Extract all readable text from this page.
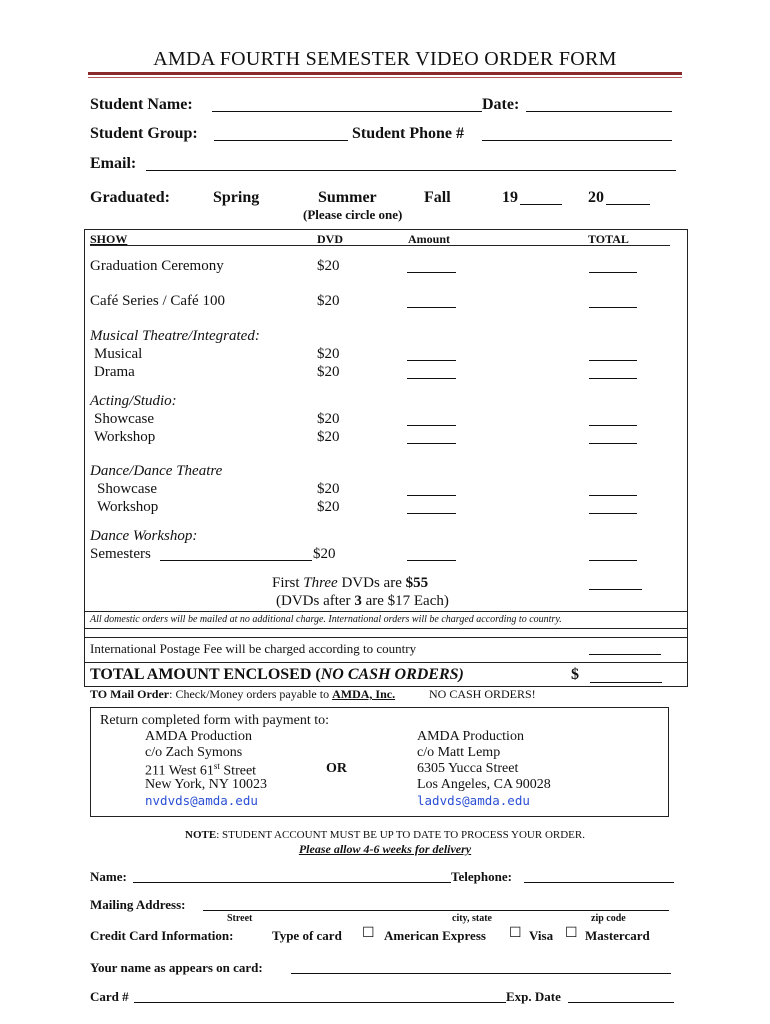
AMDA FOURTH SEMESTER VIDEO ORDER FORM
Student Name:	Date:
Student Group:	Student Phone #
Email:
Graduated:	Spring	Summer	Fall	19	20
(Please circle one)
SHOW	DVD	Amount	TOTAL
Graduation Ceremony	$20
Café Series / Café 100	$20
Musical Theatre/Integrated:
Musical	$20
Drama	$20
Acting/Studio:
Showcase	$20
Workshop	$20
Dance/Dance Theatre
Showcase	$20
Workshop	$20
Dance Workshop:
Semesters	$20
First Three DVDs are $55
(DVDs after 3 are $17 Each)
All domestic orders will be mailed at no additional charge. International orders will be charged according to country.
International Postage Fee will be charged according to country
TOTAL AMOUNT ENCLOSED (NO CASH ORDERS)	$
TO Mail Order: Check/Money orders payable to AMDA, Inc.	NO CASH ORDERS!
Return completed form with payment to:
AMDA Production
c/o Zach Symons
211 West 61st Street
New York, NY 10023
nvdvds@amda.edu
OR
AMDA Production
c/o Matt Lemp
6305 Yucca Street
Los Angeles, CA 90028
ladvds@amda.edu
NOTE: STUDENT ACCOUNT MUST BE UP TO DATE TO PROCESS YOUR ORDER.
Please allow 4-6 weeks for delivery
Name:	Telephone:
Mailing Address:
Street	city, state	zip code
Credit Card Information:	Type of card ☐ American Express ☐ Visa ☐ Mastercard
Your name as appears on card:
Card #	Exp. Date
